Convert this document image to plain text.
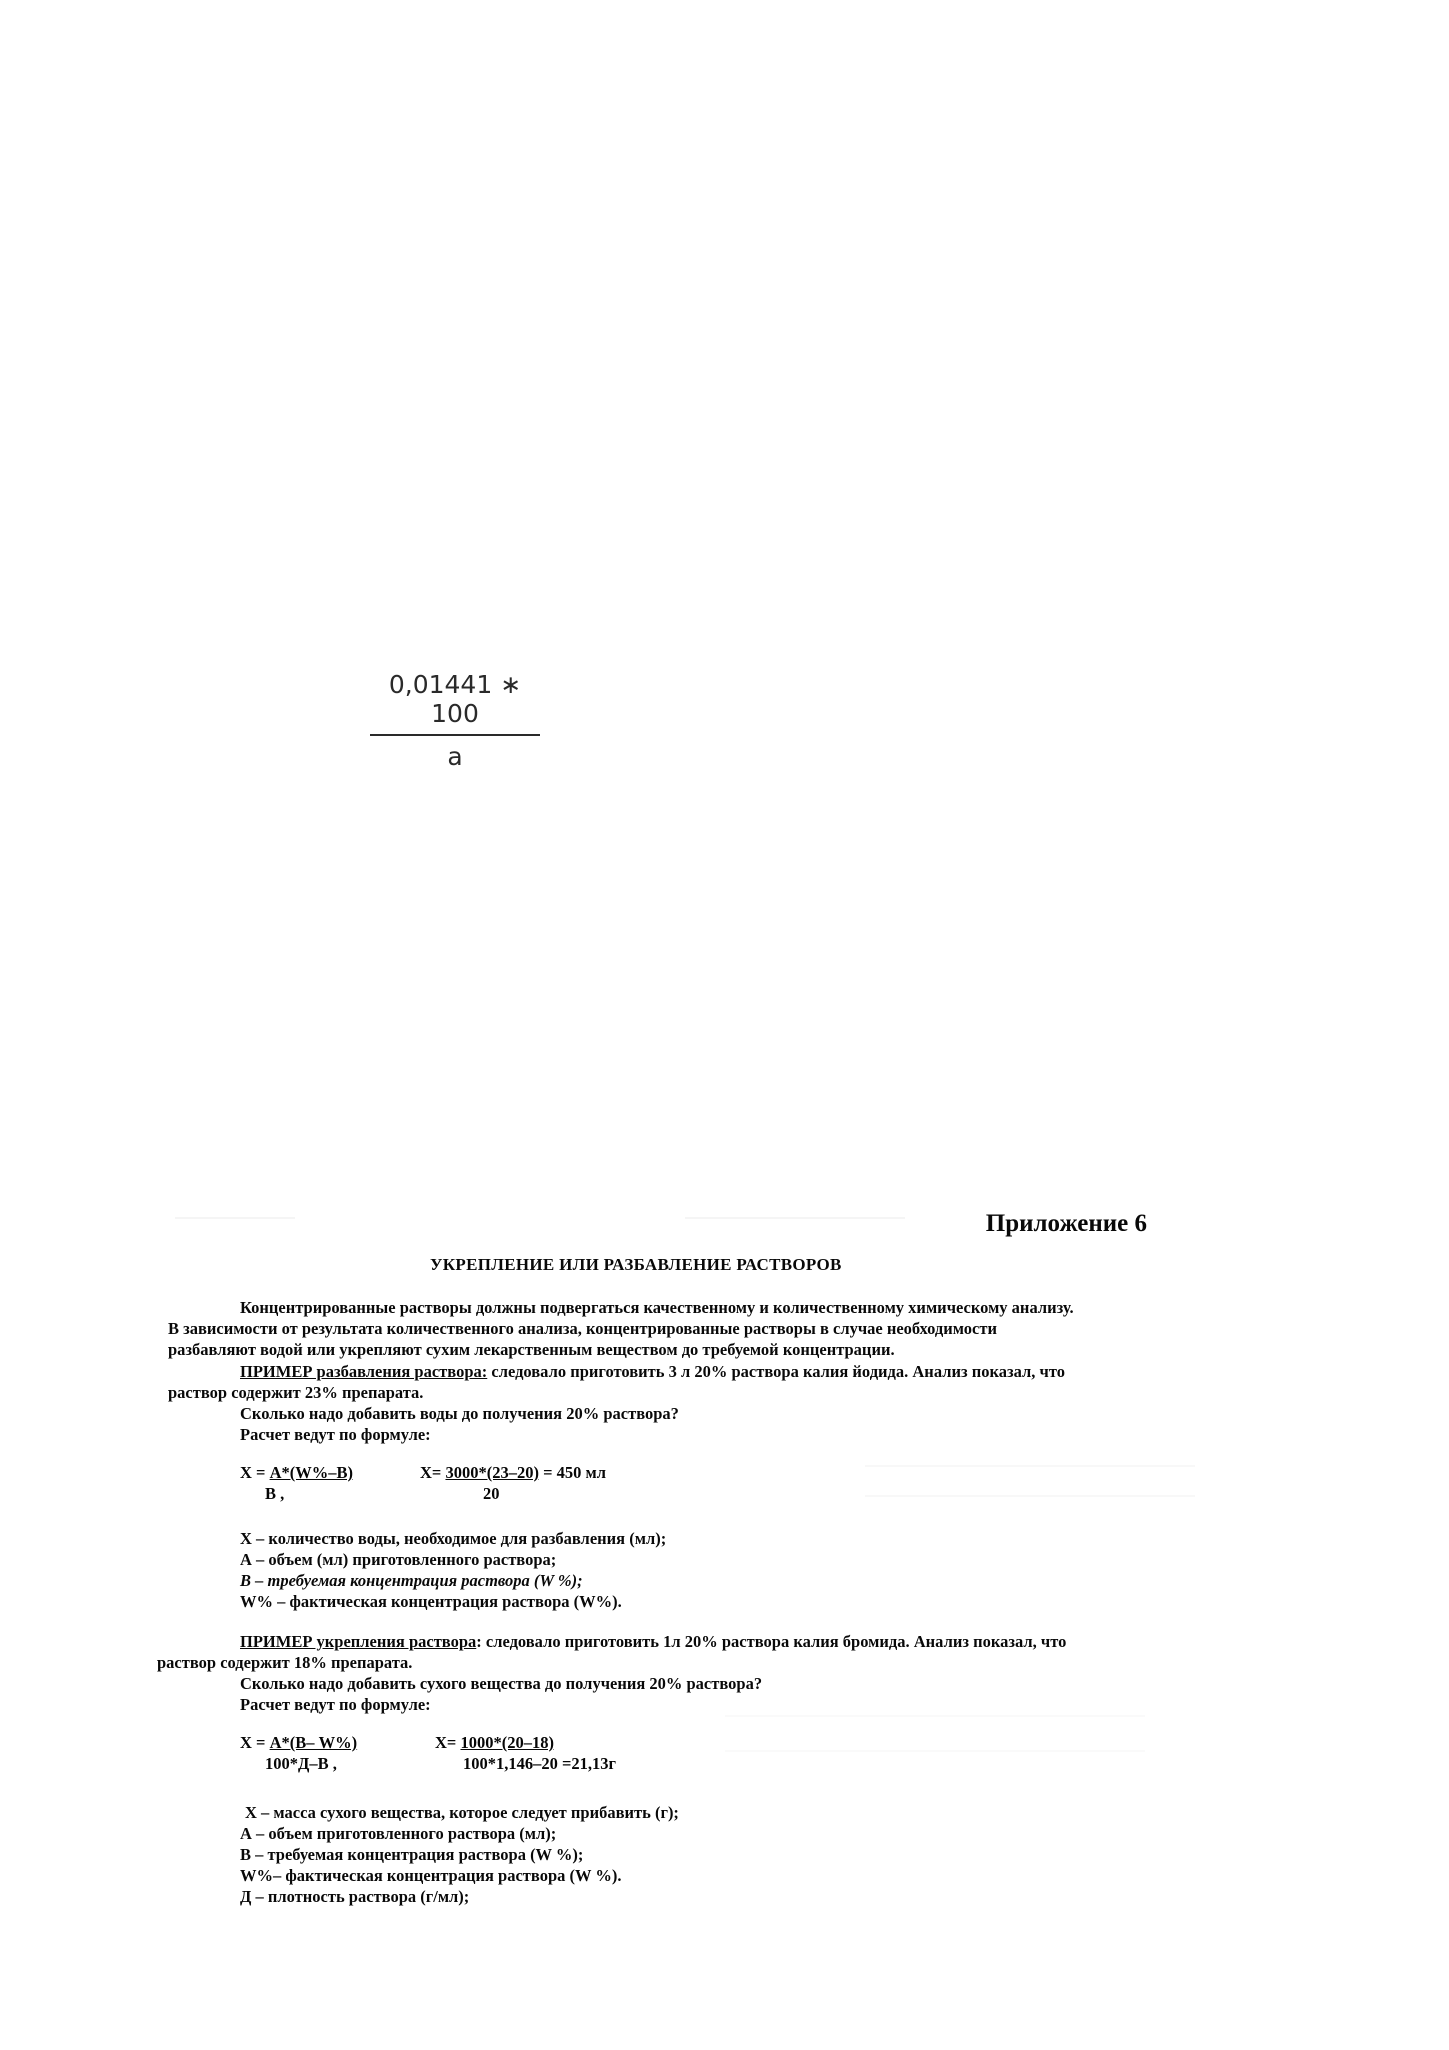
$\frac{0,01441 ∗ 100}{a}$
Приложение 6
УКРЕПЛЕНИЕ ИЛИ РАЗБАВЛЕНИЕ РАСТВОРОВ
Концентрированные растворы должны подвергаться качественному и количественному химическому анализу.
В зависимости от результата количественного анализа, концентрированные растворы в случае необходимости
разбавляют водой или укрепляют сухим лекарственным веществом до требуемой концентрации.
ПРИМЕР разбавления раствора: следовало приготовить 3 л 20% раствора калия йодида. Анализ показал, что
раствор содержит 23% препарата.
Сколько надо добавить воды до получения 20% раствора?
Расчет ведут по формуле:
X = А*(W%–В)
В ,
X= 3000*(23–20) = 450 мл
20
X – количество воды, необходимое для разбавления (мл);
А – объем (мл) приготовленного раствора;
В – требуемая концентрация раствора (W %);
W% – фактическая концентрация раствора (W%).
ПРИМЕР укрепления раствора: следовало приготовить 1л 20% раствора калия бромида. Анализ показал, что
раствор содержит 18% препарата.
Сколько надо добавить сухого вещества до получения 20% раствора?
Расчет ведут по формуле:
X = А*(В– W%)
100*Д–В ,
X= 1000*(20–18)
100*1,146–20 =21,13г
X – масса сухого вещества, которое следует прибавить (г);
А – объем приготовленного раствора (мл);
В – требуемая концентрация раствора (W %);
W%– фактическая концентрация раствора (W %).
Д – плотность раствора (г/мл);
